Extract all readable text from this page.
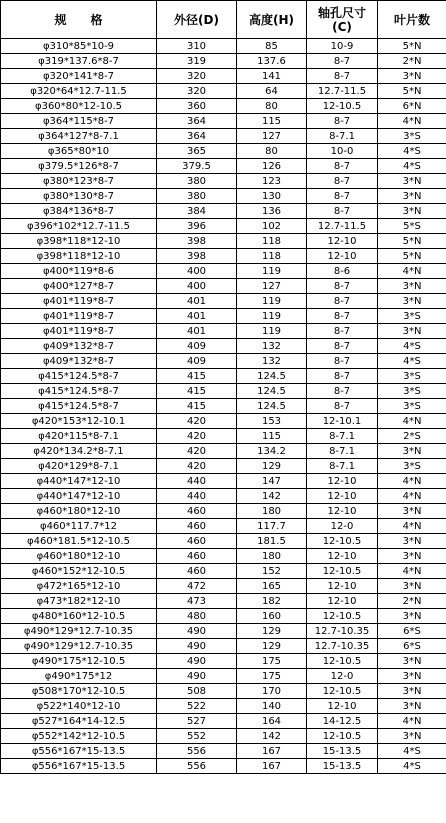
规　　格	外径(D)	高度(H)	轴孔尺寸
(C)	叶片数
φ310*85*10-9	310	85	10-9	5*N
φ319*137.6*8-7	319	137.6	8-7	2*N
φ320*141*8-7	320	141	8-7	3*N
φ320*64*12.7-11.5	320	64	12.7-11.5	5*N
φ360*80*12-10.5	360	80	12-10.5	6*N
φ364*115*8-7	364	115	8-7	4*N
φ364*127*8-7.1	364	127	8-7.1	3*S
φ365*80*10	365	80	10-0	4*S
φ379.5*126*8-7	379.5	126	8-7	4*S
φ380*123*8-7	380	123	8-7	3*N
φ380*130*8-7	380	130	8-7	3*N
φ384*136*8-7	384	136	8-7	3*N
φ396*102*12.7-11.5	396	102	12.7-11.5	5*S
φ398*118*12-10	398	118	12-10	5*N
φ398*118*12-10	398	118	12-10	5*N
φ400*119*8-6	400	119	8-6	4*N
φ400*127*8-7	400	127	8-7	3*N
φ401*119*8-7	401	119	8-7	3*N
φ401*119*8-7	401	119	8-7	3*S
φ401*119*8-7	401	119	8-7	3*N
φ409*132*8-7	409	132	8-7	4*S
φ409*132*8-7	409	132	8-7	4*S
φ415*124.5*8-7	415	124.5	8-7	3*S
φ415*124.5*8-7	415	124.5	8-7	3*S
φ415*124.5*8-7	415	124.5	8-7	3*S
φ420*153*12-10.1	420	153	12-10.1	4*N
φ420*115*8-7.1	420	115	8-7.1	2*S
φ420*134.2*8-7.1	420	134.2	8-7.1	3*N
φ420*129*8-7.1	420	129	8-7.1	3*S
φ440*147*12-10	440	147	12-10	4*N
φ440*147*12-10	440	142	12-10	4*N
φ460*180*12-10	460	180	12-10	3*N
φ460*117.7*12	460	117.7	12-0	4*N
φ460*181.5*12-10.5	460	181.5	12-10.5	3*N
φ460*180*12-10	460	180	12-10	3*N
φ460*152*12-10.5	460	152	12-10.5	4*N
φ472*165*12-10	472	165	12-10	3*N
φ473*182*12-10	473	182	12-10	2*N
φ480*160*12-10.5	480	160	12-10.5	3*N
φ490*129*12.7-10.35	490	129	12.7-10.35	6*S
φ490*129*12.7-10.35	490	129	12.7-10.35	6*S
φ490*175*12-10.5	490	175	12-10.5	3*N
φ490*175*12	490	175	12-0	3*N
φ508*170*12-10.5	508	170	12-10.5	3*N
φ522*140*12-10	522	140	12-10	3*N
φ527*164*14-12.5	527	164	14-12.5	4*N
φ552*142*12-10.5	552	142	12-10.5	3*N
φ556*167*15-13.5	556	167	15-13.5	4*S
φ556*167*15-13.5	556	167	15-13.5	4*S
